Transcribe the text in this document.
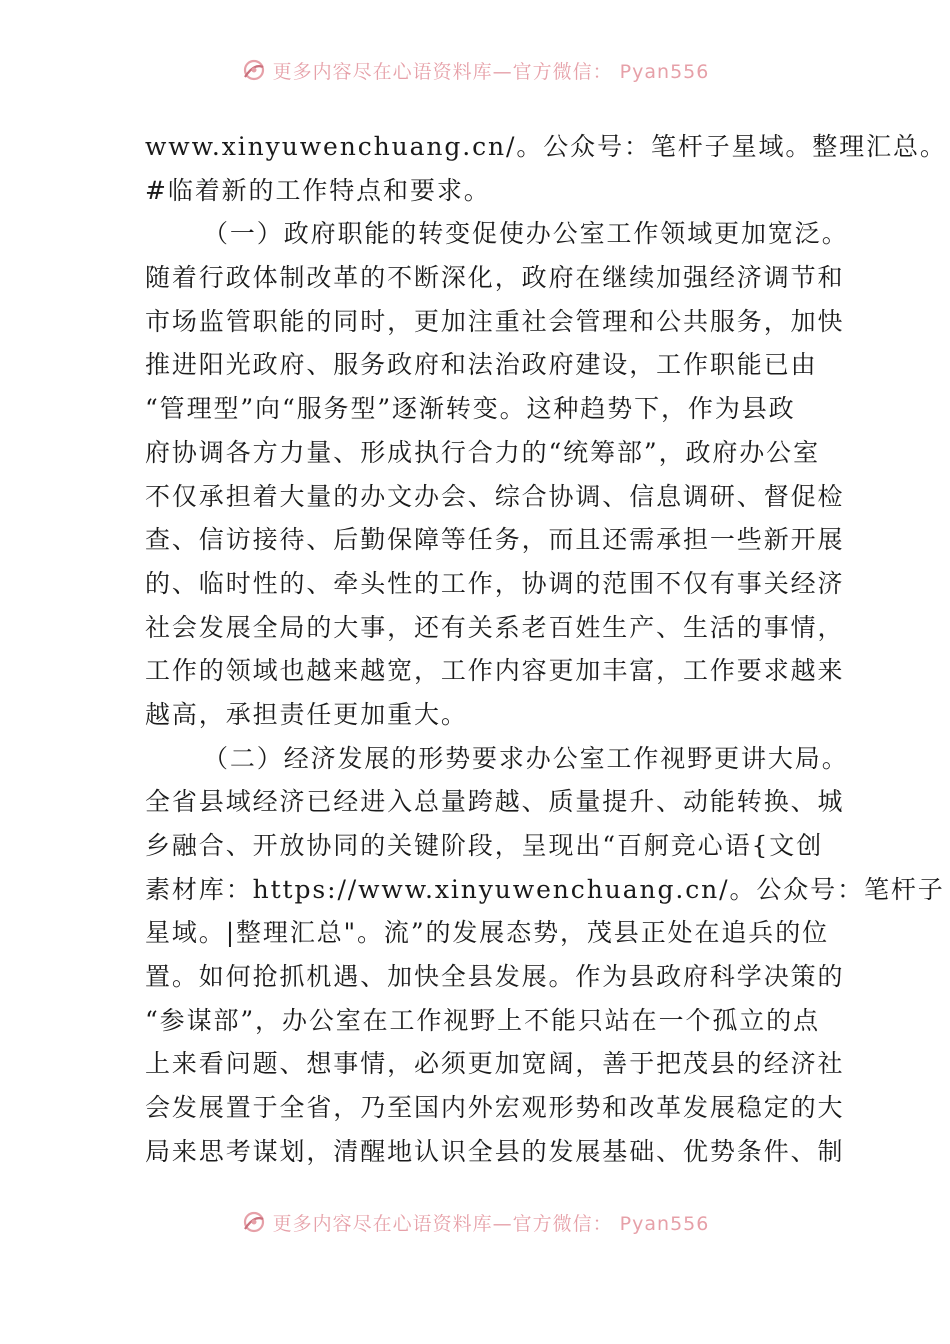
更多内容尽在心语资料库—官方微信： Pyan556
www.xinyuwenchuang.cn/。公众号：笔杆子星域。整理汇总。
#临着新的工作特点和要求。
（一）政府职能的转变促使办公室工作领域更加宽泛。
随着行政体制改革的不断深化，政府在继续加强经济调节和
市场监管职能的同时，更加注重社会管理和公共服务，加快
推进阳光政府、服务政府和法治政府建设，工作职能已由
“管理型”向“服务型”逐渐转变。这种趋势下，作为县政
府协调各方力量、形成执行合力的“统筹部”，政府办公室
不仅承担着大量的办文办会、综合协调、信息调研、督促检
查、信访接待、后勤保障等任务，而且还需承担一些新开展
的、临时性的、牵头性的工作，协调的范围不仅有事关经济
社会发展全局的大事，还有关系老百姓生产、生活的事情，
工作的领域也越来越宽，工作内容更加丰富，工作要求越来
越高，承担责任更加重大。
（二）经济发展的形势要求办公室工作视野更讲大局。
全省县域经济已经进入总量跨越、质量提升、动能转换、城
乡融合、开放协同的关键阶段，呈现出“百舸竞心语{文创
素材库：https://www.xinyuwenchuang.cn/。公众号：笔杆子
星域。|整理汇总"。流”的发展态势，茂县正处在追兵的位
置。如何抢抓机遇、加快全县发展。作为县政府科学决策的
“参谋部”，办公室在工作视野上不能只站在一个孤立的点
上来看问题、想事情，必须更加宽阔，善于把茂县的经济社
会发展置于全省，乃至国内外宏观形势和改革发展稳定的大
局来思考谋划，清醒地认识全县的发展基础、优势条件、制
更多内容尽在心语资料库—官方微信： Pyan556
